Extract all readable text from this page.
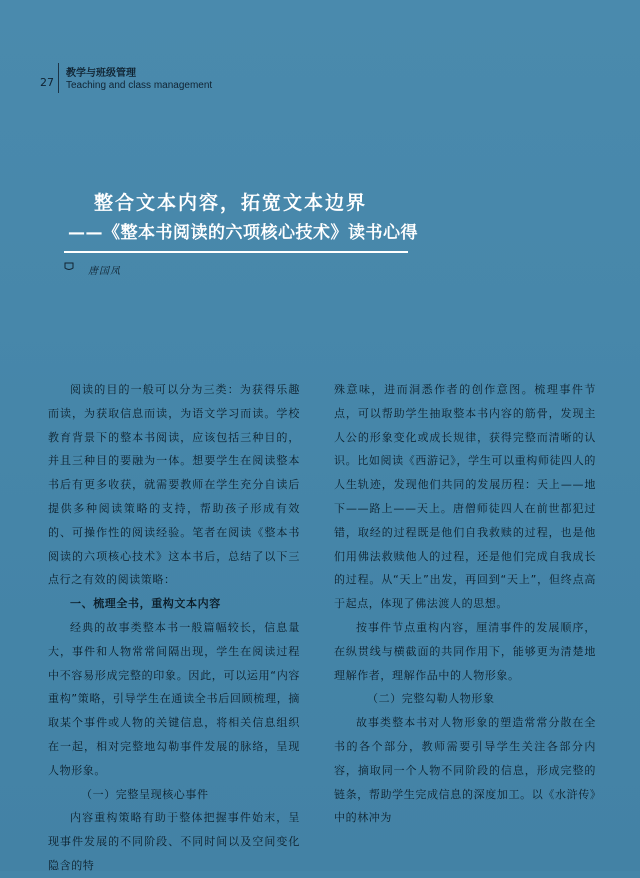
27
教学与班级管理
Teaching and class management
整合文本内容，拓宽文本边界
——《整本书阅读的六项核心技术》读书心得
唐国凤

阅读的目的一般可以分为三类：为获得乐趣而读，为获取信息而读，为语文学习而读。学校教育背景下的整本书阅读，应该包括三种目的，并且三种目的要融为一体。想要学生在阅读整本书后有更多收获，就需要教师在学生充分自读后提供多种阅读策略的支持，帮助孩子形成有效的、可操作性的阅读经验。笔者在阅读《整本书阅读的六项核心技术》这本书后，总结了以下三点行之有效的阅读策略：

一、梳理全书，重构文本内容

经典的故事类整本书一般篇幅较长，信息量大，事件和人物常常间隔出现，学生在阅读过程中不容易形成完整的印象。因此，可以运用“内容重构”策略，引导学生在通读全书后回顾梳理，摘取某个事件或人物的关键信息，将相关信息组织在一起，相对完整地勾勒事件发展的脉络，呈现人物形象。

（一）完整呈现核心事件

内容重构策略有助于整体把握事件始末，呈现事件发展的不同阶段、不同时间以及空间变化隐含的特

殊意味，进而洞悉作者的创作意图。梳理事件节点，可以帮助学生抽取整本书内容的筋骨，发现主人公的形象变化或成长规律，获得完整而清晰的认识。比如阅读《西游记》，学生可以重构师徒四人的人生轨迹，发现他们共同的发展历程：天上——地下——路上——天上。唐僧师徒四人在前世都犯过错，取经的过程既是他们自我救赎的过程，也是他们用佛法救赎他人的过程，还是他们完成自我成长的过程。从“天上”出发，再回到“天上”，但终点高于起点，体现了佛法渡人的思想。

按事件节点重构内容，厘清事件的发展顺序，在纵贯线与横截面的共同作用下，能够更为清楚地理解作者，理解作品中的人物形象。

（二）完整勾勒人物形象

故事类整本书对人物形象的塑造常常分散在全书的各个部分，教师需要引导学生关注各部分内容，摘取同一个人物不同阶段的信息，形成完整的链条，帮助学生完成信息的深度加工。以《水浒传》中的林冲为
